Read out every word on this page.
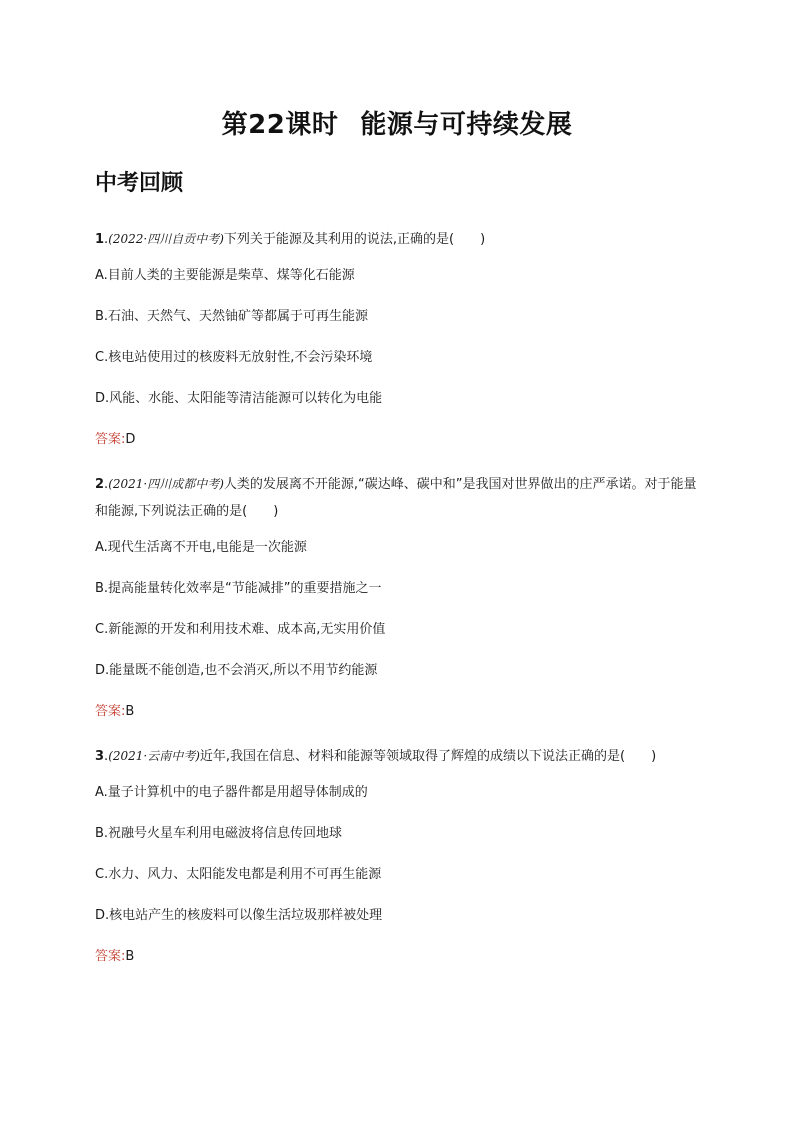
第22课时 能源与可持续发展
中考回顾

1.(2022·四川自贡中考)下列关于能源及其利用的说法,正确的是(　　)

A.目前人类的主要能源是柴草、煤等化石能源

B.石油、天然气、天然铀矿等都属于可再生能源

C.核电站使用过的核废料无放射性,不会污染环境

D.风能、水能、太阳能等清洁能源可以转化为电能

答案:D

2.(2021·四川成都中考)人类的发展离不开能源,“碳达峰、碳中和”是我国对世界做出的庄严承诺。对于能量和能源,下列说法正确的是(　　)

A.现代生活离不开电,电能是一次能源

B.提高能量转化效率是“节能减排”的重要措施之一

C.新能源的开发和利用技术难、成本高,无实用价值

D.能量既不能创造,也不会消灭,所以不用节约能源

答案:B

3.(2021·云南中考)近年,我国在信息、材料和能源等领域取得了辉煌的成绩以下说法正确的是(　　)

A.量子计算机中的电子器件都是用超导体制成的

B.祝融号火星车利用电磁波将信息传回地球

C.水力、风力、太阳能发电都是利用不可再生能源

D.核电站产生的核废料可以像生活垃圾那样被处理

答案:B
